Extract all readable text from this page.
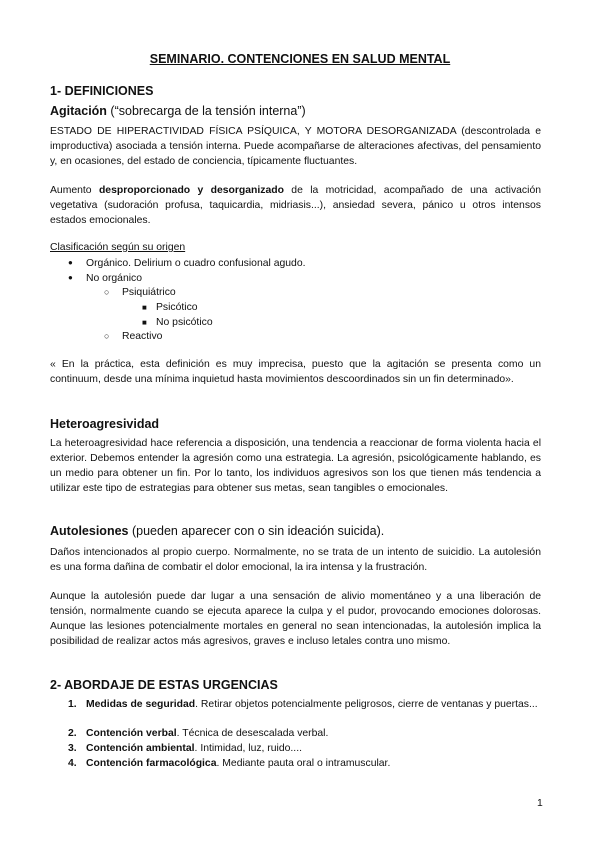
SEMINARIO. CONTENCIONES EN SALUD MENTAL
1- DEFINICIONES
Agitación (“sobrecarga de la tensión interna”)

ESTADO DE HIPERACTIVIDAD FÍSICA PSÍQUICA, Y MOTORA DESORGANIZADA (descontrolada e improductiva) asociada a tensión interna. Puede acompañarse de alteraciones afectivas, del pensamiento y, en ocasiones, del estado de conciencia, típicamente fluctuantes.

Aumento desproporcionado y desorganizado de la motricidad, acompañado de una activación vegetativa (sudoración profusa, taquicardia, midriasis...), ansiedad severa, pánico u otros intensos estados emocionales.

Clasificación según su origen
● Orgánico. Delirium o cuadro confusional agudo.
● No orgánico
○ Psiquiátrico
■ Psicótico
■ No psicótico
○ Reactivo

« En la práctica, esta definición es muy imprecisa, puesto que la agitación se presenta como un continuum, desde una mínima inquietud hasta movimientos descoordinados sin un fin determinado».

Heteroagresividad

La heteroagresividad hace referencia a disposición, una tendencia a reaccionar de forma violenta hacia el exterior. Debemos entender la agresión como una estrategia. La agresión, psicológicamente hablando, es un medio para obtener un fin. Por lo tanto, los individuos agresivos son los que tienen más tendencia a utilizar este tipo de estrategias para obtener sus metas, sean tangibles o emocionales.

Autolesiones (pueden aparecer con o sin ideación suicida).

Daños intencionados al propio cuerpo. Normalmente, no se trata de un intento de suicidio. La autolesión es una forma dañina de combatir el dolor emocional, la ira intensa y la frustración.

Aunque la autolesión puede dar lugar a una sensación de alivio momentáneo y a una liberación de tensión, normalmente cuando se ejecuta aparece la culpa y el pudor, provocando emociones dolorosas. Aunque las lesiones potencialmente mortales en general no sean intencionadas, la autolesión implica la posibilidad de realizar actos más agresivos, graves e incluso letales contra uno mismo.

2- ABORDAJE DE ESTAS URGENCIAS
1. Medidas de seguridad. Retirar objetos potencialmente peligrosos, cierre de ventanas y puertas...
2. Contención verbal. Técnica de desescalada verbal.
3. Contención ambiental. Intimidad, luz, ruido....
4. Contención farmacológica. Mediante pauta oral o intramuscular.
1
